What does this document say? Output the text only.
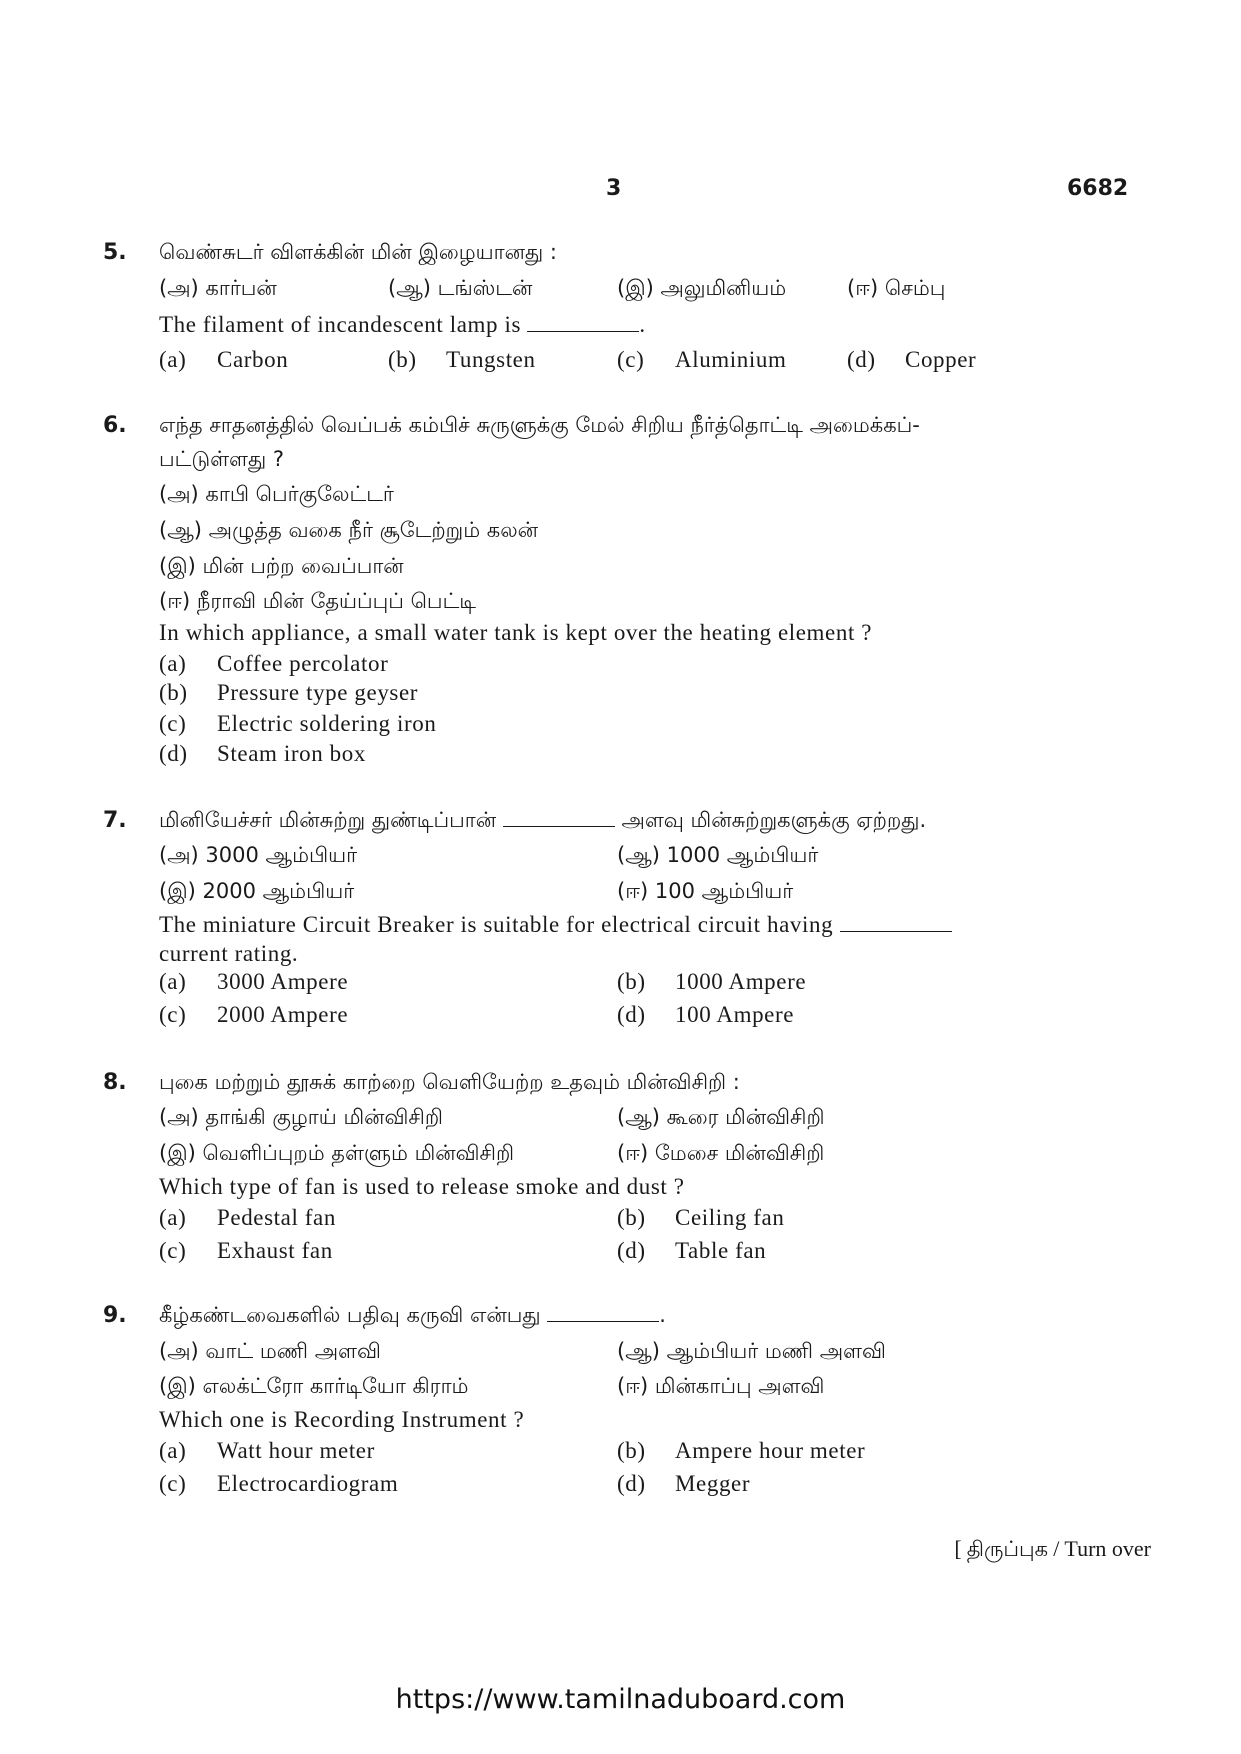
3	6682
5. வெண்சுடர் விளக்கின் மின் இழையானது :
(அ) கார்பன்	(ஆ) டங்ஸ்டன்	(இ) அலுமினியம்	(ஈ) செம்பு
The filament of incandescent lamp is	.
(a) Carbon	(b) Tungsten	(c) Aluminium	(d) Copper
6. எந்த சாதனத்தில் வெப்பக் கம்பிச் சுருளுக்கு மேல் சிறிய நீர்த்தொட்டி அமைக்கப்-
பட்டுள்ளது ?
(அ) காபி பெர்குலேட்டர்
(ஆ) அழுத்த வகை நீர் சூடேற்றும் கலன்
(இ) மின் பற்ற வைப்பான்
(ஈ) நீராவி மின் தேய்ப்புப் பெட்டி
In which appliance, a small water tank is kept over the heating element ?
(a) Coffee percolator
(b) Pressure type geyser
(c) Electric soldering iron
(d) Steam iron box
7. மினியேச்சர் மின்சுற்று துண்டிப்பான்	அளவு மின்சுற்றுகளுக்கு ஏற்றது.
(அ) 3000 ஆம்பியர்	(ஆ) 1000 ஆம்பியர்
(இ) 2000 ஆம்பியர்	(ஈ) 100 ஆம்பியர்
The miniature Circuit Breaker is suitable for electrical circuit having
current rating.
(a) 3000 Ampere	(b) 1000 Ampere
(c) 2000 Ampere	(d) 100 Ampere
8. புகை மற்றும் தூசுக் காற்றை வெளியேற்ற உதவும் மின்விசிறி :
(அ) தாங்கி குழாய் மின்விசிறி	(ஆ) கூரை மின்விசிறி
(இ) வெளிப்புறம் தள்ளும் மின்விசிறி	(ஈ) மேசை மின்விசிறி
Which type of fan is used to release smoke and dust ?
(a) Pedestal fan	(b) Ceiling fan
(c) Exhaust fan	(d) Table fan
9. கீழ்கண்டவைகளில் பதிவு கருவி என்பது	.
(அ) வாட் மணி அளவி	(ஆ) ஆம்பியர் மணி அளவி
(இ) எலக்ட்ரோ கார்டியோ கிராம்	(ஈ) மின்காப்பு அளவி
Which one is Recording Instrument ?
(a) Watt hour meter	(b) Ampere hour meter
(c) Electrocardiogram	(d) Megger
[ திருப்புக / Turn over
https://www.tamilnaduboard.com
